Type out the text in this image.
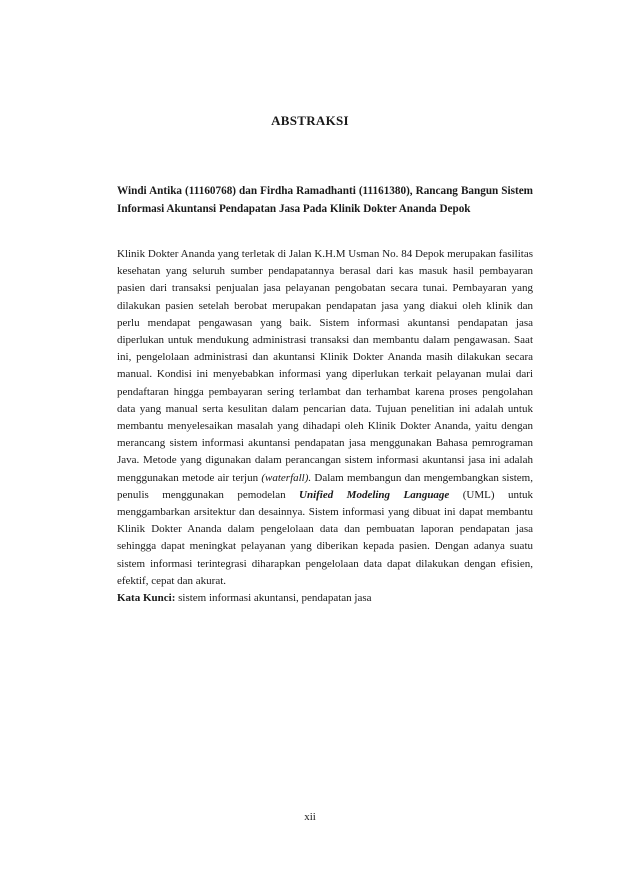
ABSTRAKSI
Windi Antika (11160768) dan Firdha Ramadhanti (11161380), Rancang Bangun Sistem Informasi Akuntansi Pendapatan Jasa Pada Klinik Dokter Ananda Depok

Klinik Dokter Ananda yang terletak di Jalan K.H.M Usman No. 84 Depok merupakan fasilitas kesehatan yang seluruh sumber pendapatannya berasal dari kas masuk hasil pembayaran pasien dari transaksi penjualan jasa pelayanan pengobatan secara tunai. Pembayaran yang dilakukan pasien setelah berobat merupakan pendapatan jasa yang diakui oleh klinik dan perlu mendapat pengawasan yang baik. Sistem informasi akuntansi pendapatan jasa diperlukan untuk mendukung administrasi transaksi dan membantu dalam pengawasan. Saat ini, pengelolaan administrasi dan akuntansi Klinik Dokter Ananda masih dilakukan secara manual. Kondisi ini menyebabkan informasi yang diperlukan terkait pelayanan mulai dari pendaftaran hingga pembayaran sering terlambat dan terhambat karena proses pengolahan data yang manual serta kesulitan dalam pencarian data. Tujuan penelitian ini adalah untuk membantu menyelesaikan masalah yang dihadapi oleh Klinik Dokter Ananda, yaitu dengan merancang sistem informasi akuntansi pendapatan jasa menggunakan Bahasa pemrograman Java. Metode yang digunakan dalam perancangan sistem informasi akuntansi jasa ini adalah menggunakan metode air terjun (waterfall). Dalam membangun dan mengembangkan sistem, penulis menggunakan pemodelan Unified Modeling Language (UML) untuk menggambarkan arsitektur dan desainnya. Sistem informasi yang dibuat ini dapat membantu Klinik Dokter Ananda dalam pengelolaan data dan pembuatan laporan pendapatan jasa sehingga dapat meningkat pelayanan yang diberikan kepada pasien. Dengan adanya suatu sistem informasi terintegrasi diharapkan pengelolaan data dapat dilakukan dengan efisien, efektif, cepat dan akurat.

Kata Kunci: sistem informasi akuntansi, pendapatan jasa
xii
